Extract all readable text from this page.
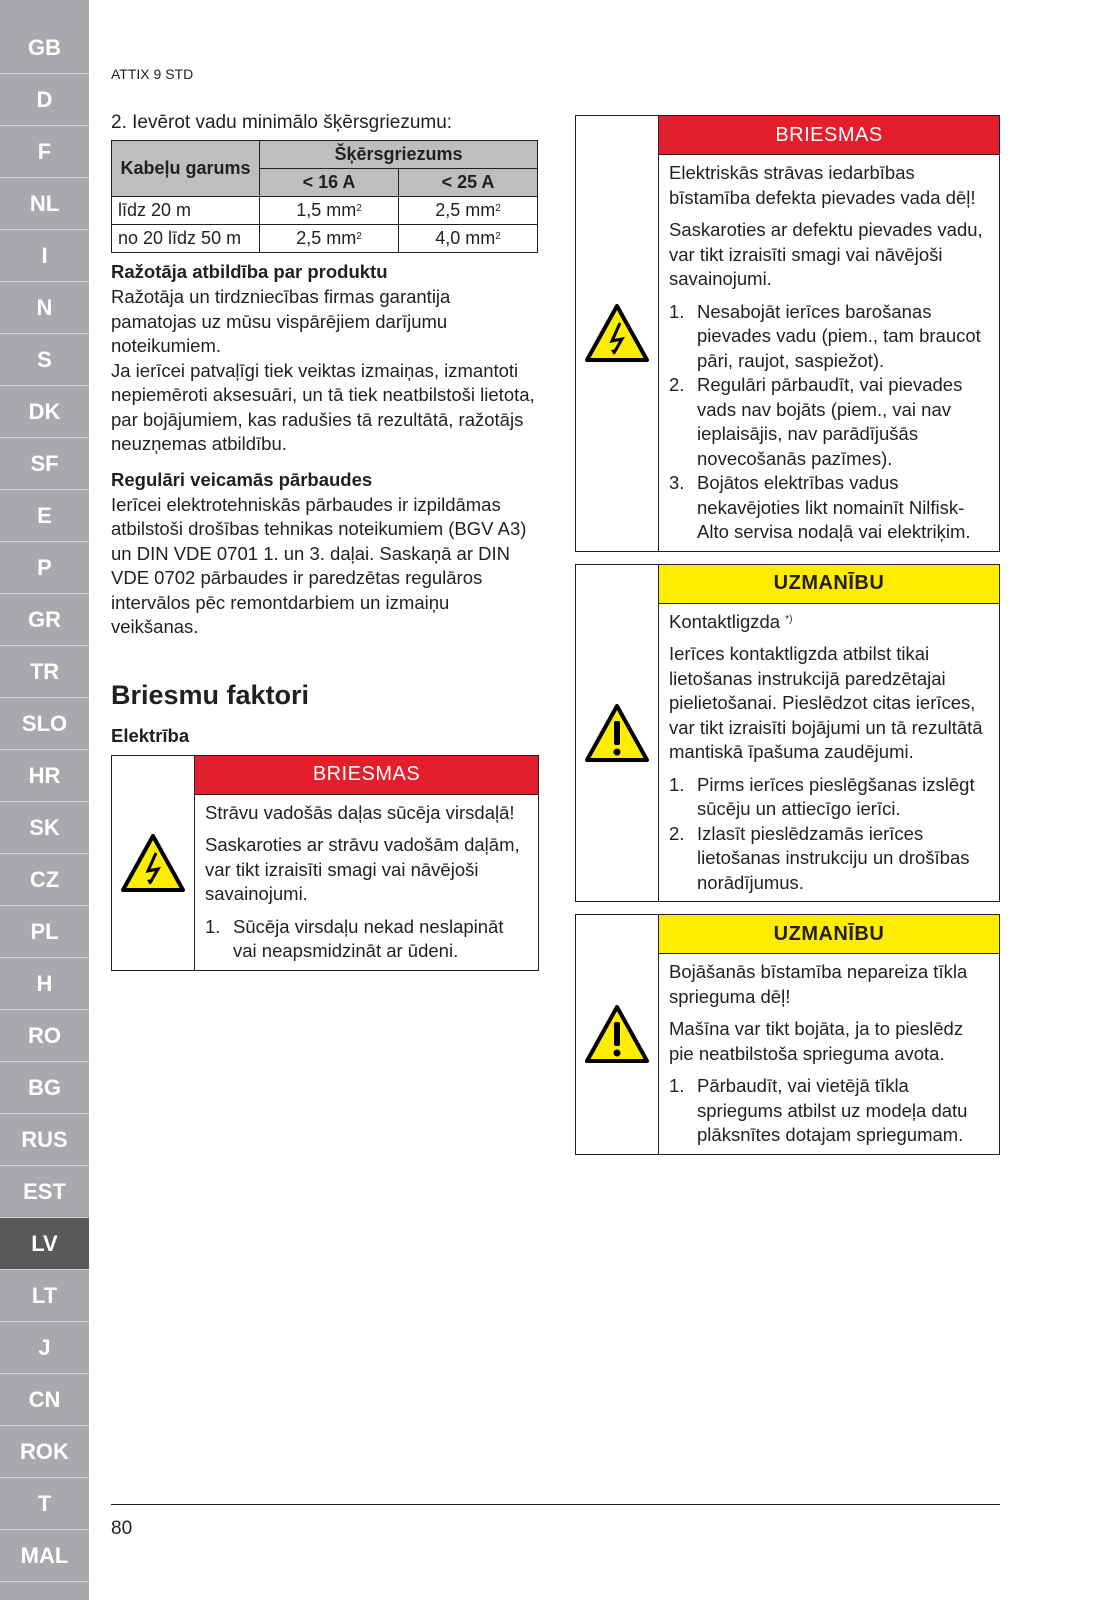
GB
D
F
NL
I
N
S
DK
SF
E
P
GR
TR
SLO
HR
SK
CZ
PL
H
RO
BG
RUS
EST
LV
LT
J
CN
ROK
T
MAL
ATTIX 9 STD

2. Ievērot vadu minimālo šķērsgriezumu:

Kabeļu garums	Šķērsgriezums	
	< 16 A	< 25 A
līdz 20 m	1,5 $mm^2$	2,5 $mm^2$
no 20 līdz 50 m	2,5 $mm^2$	4,0 $mm^2$
Ražotāja atbildība par produktu

Ražotāja un tirdzniecības firmas garantija pamatojas uz mūsu vispārējiem darījumu noteikumiem.

Ja ierīcei patvaļīgi tiek veiktas izmaiņas, izmantoti nepiemēroti aksesuāri, un tā tiek neatbilstoši lietota, par bojājumiem, kas radušies tā rezultātā, ražotājs neuzņemas atbildību.

Regulāri veicamās pārbaudes

Ierīcei elektrotehniskās pārbaudes ir izpildāmas atbilstoši drošības tehnikas noteikumiem (BGV A3) un DIN VDE 0701 1. un 3. daļai. Saskaņā ar DIN VDE 0702 pārbaudes ir paredzētas regulāros intervālos pēc remontdarbiem un izmaiņu veikšanas.

Briesmu faktori
Elektrība
BRIESMAS

Strāvu vadošās daļas sūcēja virsdaļā!

Saskaroties ar strāvu vadošām daļām, var tikt izraisīti smagi vai nāvējoši savainojumi.

1. Sūcēja virsdaļu nekad neslapināt vai neapsmidzināt ar ūdeni.
BRIESMAS

Elektriskās strāvas iedarbības bīstamība defekta pievades vada dēļ!

Saskaroties ar defektu pievades vadu, var tikt izraisīti smagi vai nāvējoši savainojumi.

1. Nesabojāt ierīces barošanas pievades vadu (piem., tam braucot pāri, raujot, saspiežot).
2. Regulāri pārbaudīt, vai pievades vads nav bojāts (piem., vai nav ieplaisājis, nav parādījušās novecošanās pazīmes).
3. Bojātos elektrības vadus nekavējoties likt nomainīt Nilfisk-Alto servisa nodaļā vai elektriķim.
UZMANĪBU

Kontaktligzda *)

Ierīces kontaktligzda atbilst tikai lietošanas instrukcijā paredzētajai pielietošanai. Pieslēdzot citas ierīces, var tikt izraisīti bojājumi un tā rezultātā mantiskā īpašuma zaudējumi.

1. Pirms ierīces pieslēgšanas izslēgt sūcēju un attiecīgo ierīci.
2. Izlasīt pieslēdzamās ierīces lietošanas instrukciju un drošības norādījumus.
UZMANĪBU

Bojāšanās bīstamība nepareiza tīkla sprieguma dēļ!

Mašīna var tikt bojāta, ja to pieslēdz pie neatbilstoša sprieguma avota.

1. Pārbaudīt, vai vietējā tīkla spriegums atbilst uz modeļa datu plāksnītes dotajam spriegumam.
80
